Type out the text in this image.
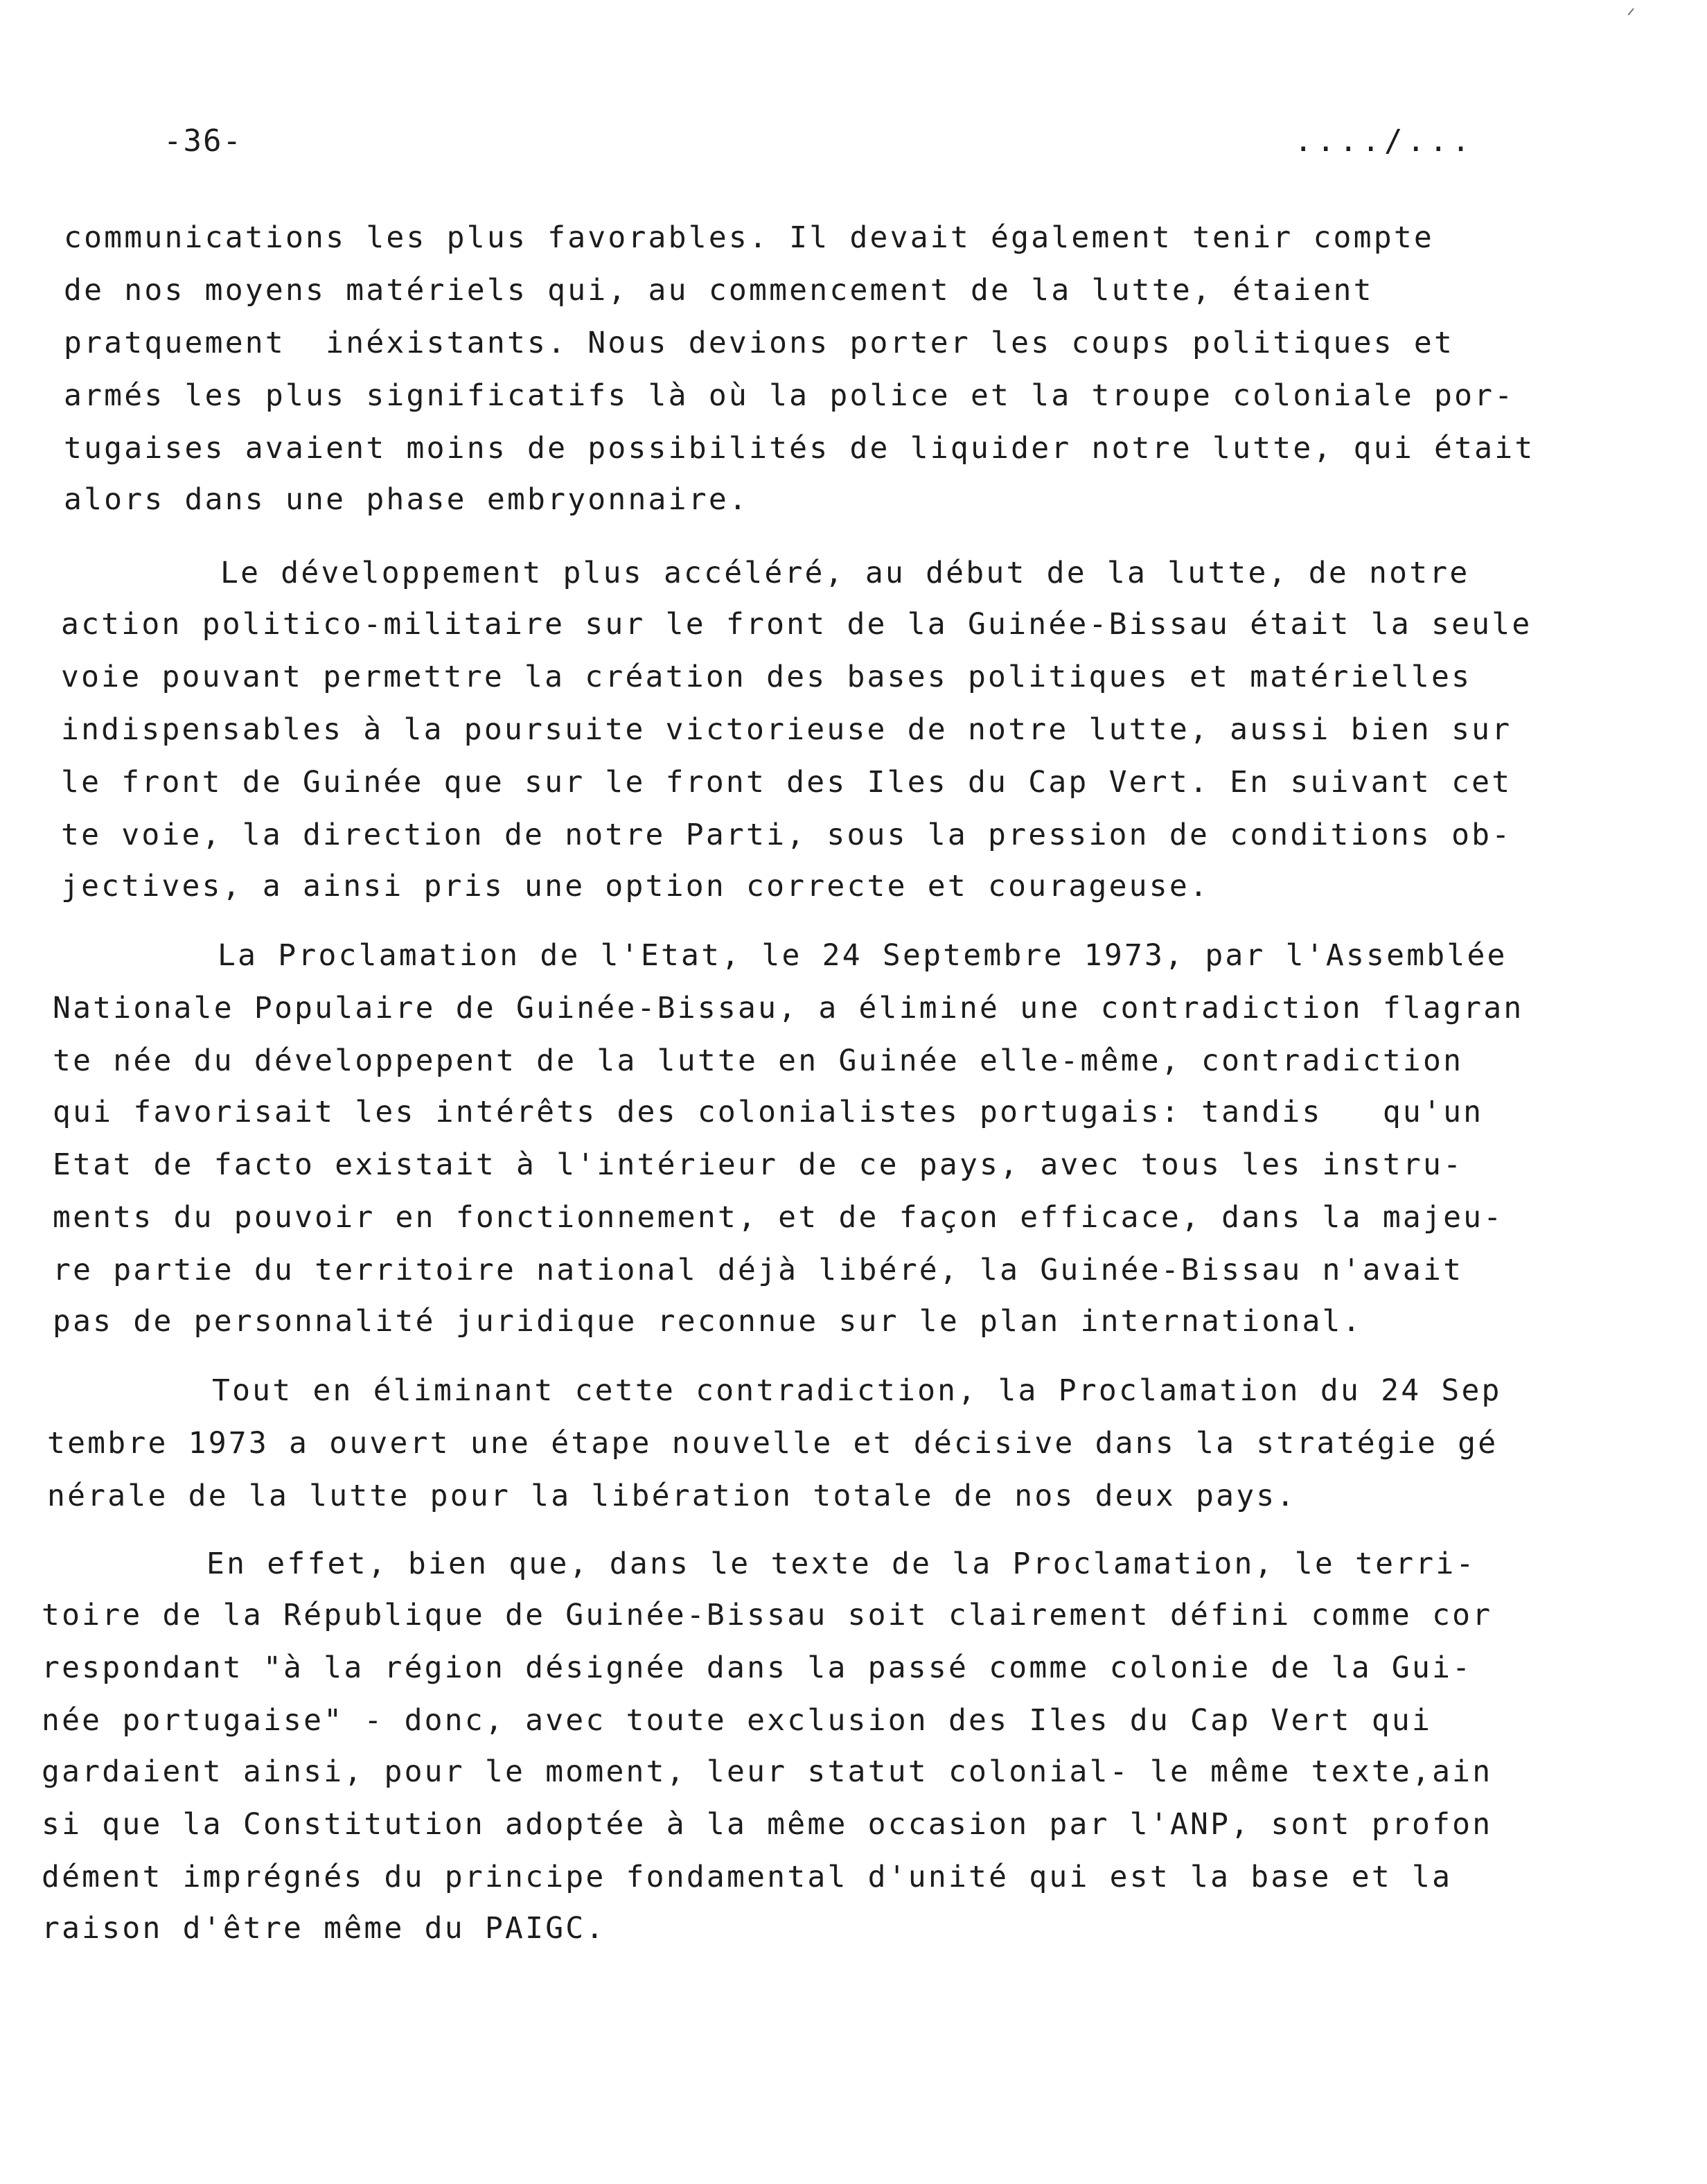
ᐟ
-36-	..../...
communications les plus favorables. Il devait également tenir compte
de nos moyens matériels qui, au commencement de la lutte, étaient
pratquement  inéxistants. Nous devions porter les coups politiques et
armés les plus significatifs là où la police et la troupe coloniale por-
tugaises avaient moins de possibilités de liquider notre lutte, qui était
alors dans une phase embryonnaire.
Le développement plus accéléré, au début de la lutte, de notre
action politico-militaire sur le front de la Guinée-Bissau était la seule
voie pouvant permettre la création des bases politiques et matérielles
indispensables à la poursuite victorieuse de notre lutte, aussi bien sur
le front de Guinée que sur le front des Iles du Cap Vert. En suivant cet
te voie, la direction de notre Parti, sous la pression de conditions ob-
jectives, a ainsi pris une option correcte et courageuse.
La Proclamation de l'Etat, le 24 Septembre 1973, par l'Assemblée
Nationale Populaire de Guinée-Bissau, a éliminé une contradiction flagran
te née du développepent de la lutte en Guinée elle-même, contradiction
qui favorisait les intérêts des colonialistes portugais: tandis   qu'un
Etat de facto existait à l'intérieur de ce pays, avec tous les instru-
ments du pouvoir en fonctionnement, et de façon efficace, dans la majeu-
re partie du territoire national déjà libéré, la Guinée-Bissau n'avait
pas de personnalité juridique reconnue sur le plan international.
Tout en éliminant cette contradiction, la Proclamation du 24 Sep
tembre 1973 a ouvert une étape nouvelle et décisive dans la stratégie gé
nérale de la lutte pour la libération totale de nos deux pays.
En effet, bien que, dans le texte de la Proclamation, le terri-
toire de la République de Guinée-Bissau soit clairement défini comme cor
respondant "à la région désignée dans la passé comme colonie de la Gui-
née portugaise" - donc, avec toute exclusion des Iles du Cap Vert qui
gardaient ainsi, pour le moment, leur statut colonial- le même texte,ain
si que la Constitution adoptée à la même occasion par l'ANP, sont profon
dément imprégnés du principe fondamental d'unité qui est la base et la
raison d'être même du PAIGC.
